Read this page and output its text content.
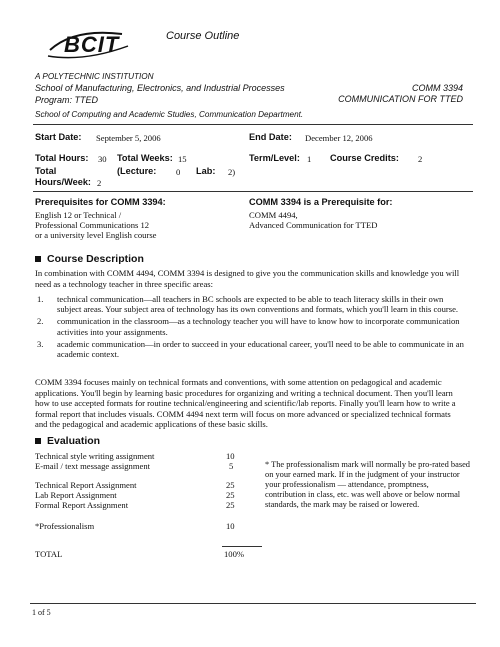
BCIT	Course Outline
A POLYTECHNIC INSTITUTION
School of Manufacturing, Electronics, and Industrial Processes
Program: TTED
COMM 3394
COMMUNICATION FOR TTED
School of Computing and Academic Studies, Communication Department.
Start Date: September 5, 2006	End Date: December 12, 2006
Total Hours: 30 Total Weeks: 15	Term/Level: 1 Course Credits: 2
Total
Hours/Week: 2
(Lecture: 0 Lab: 2)
Prerequisites for COMM 3394:
English 12 or Technical /
Professional Communications 12
or a university level English course
COMM 3394 is a Prerequisite for:
COMM 4494,
Advanced Communication for TTED
Course Description
In combination with COMM 4494, COMM 3394 is designed to give you the communication skills and knowledge you will need as a technology teacher in three specific areas:
1.	technical communication—all teachers in BC schools are expected to be able to teach literacy skills in their own subject areas. Your subject area of technology has its own conventions and formats, which you'll learn in this course.
2.	communication in the classroom—as a technology teacher you will have to know how to incorporate communication activities into your assignments.
3.	academic communication—in order to succeed in your educational career, you'll need to be able to communicate in an academic context.
COMM 3394 focuses mainly on technical formats and conventions, with some attention on pedagogical and academic applications. You'll begin by learning basic procedures for organizing and writing a technical document. Then you'll learn how to use accepted formats for routine technical/engineering and scientific/lab reports. Finally you'll learn how to write a formal report that includes visuals. COMM 4494 next term will focus on more advanced or specialized technical formats and the pedagogical and academic applications of these basic skills.
Evaluation
Technical style writing assignment	10
E-mail / text message assignment	5
Technical Report Assignment	25
Lab Report Assignment	25
Formal Report Assignment	25
*Professionalism	10
TOTAL	100%
* The professionalism mark will normally be pro-rated based on your earned mark. If in the judgment of your instructor your professionalism — attendance, promptness, contribution in class, etc. was well above or below normal standards, the mark may be raised or lowered.
1 of 5
